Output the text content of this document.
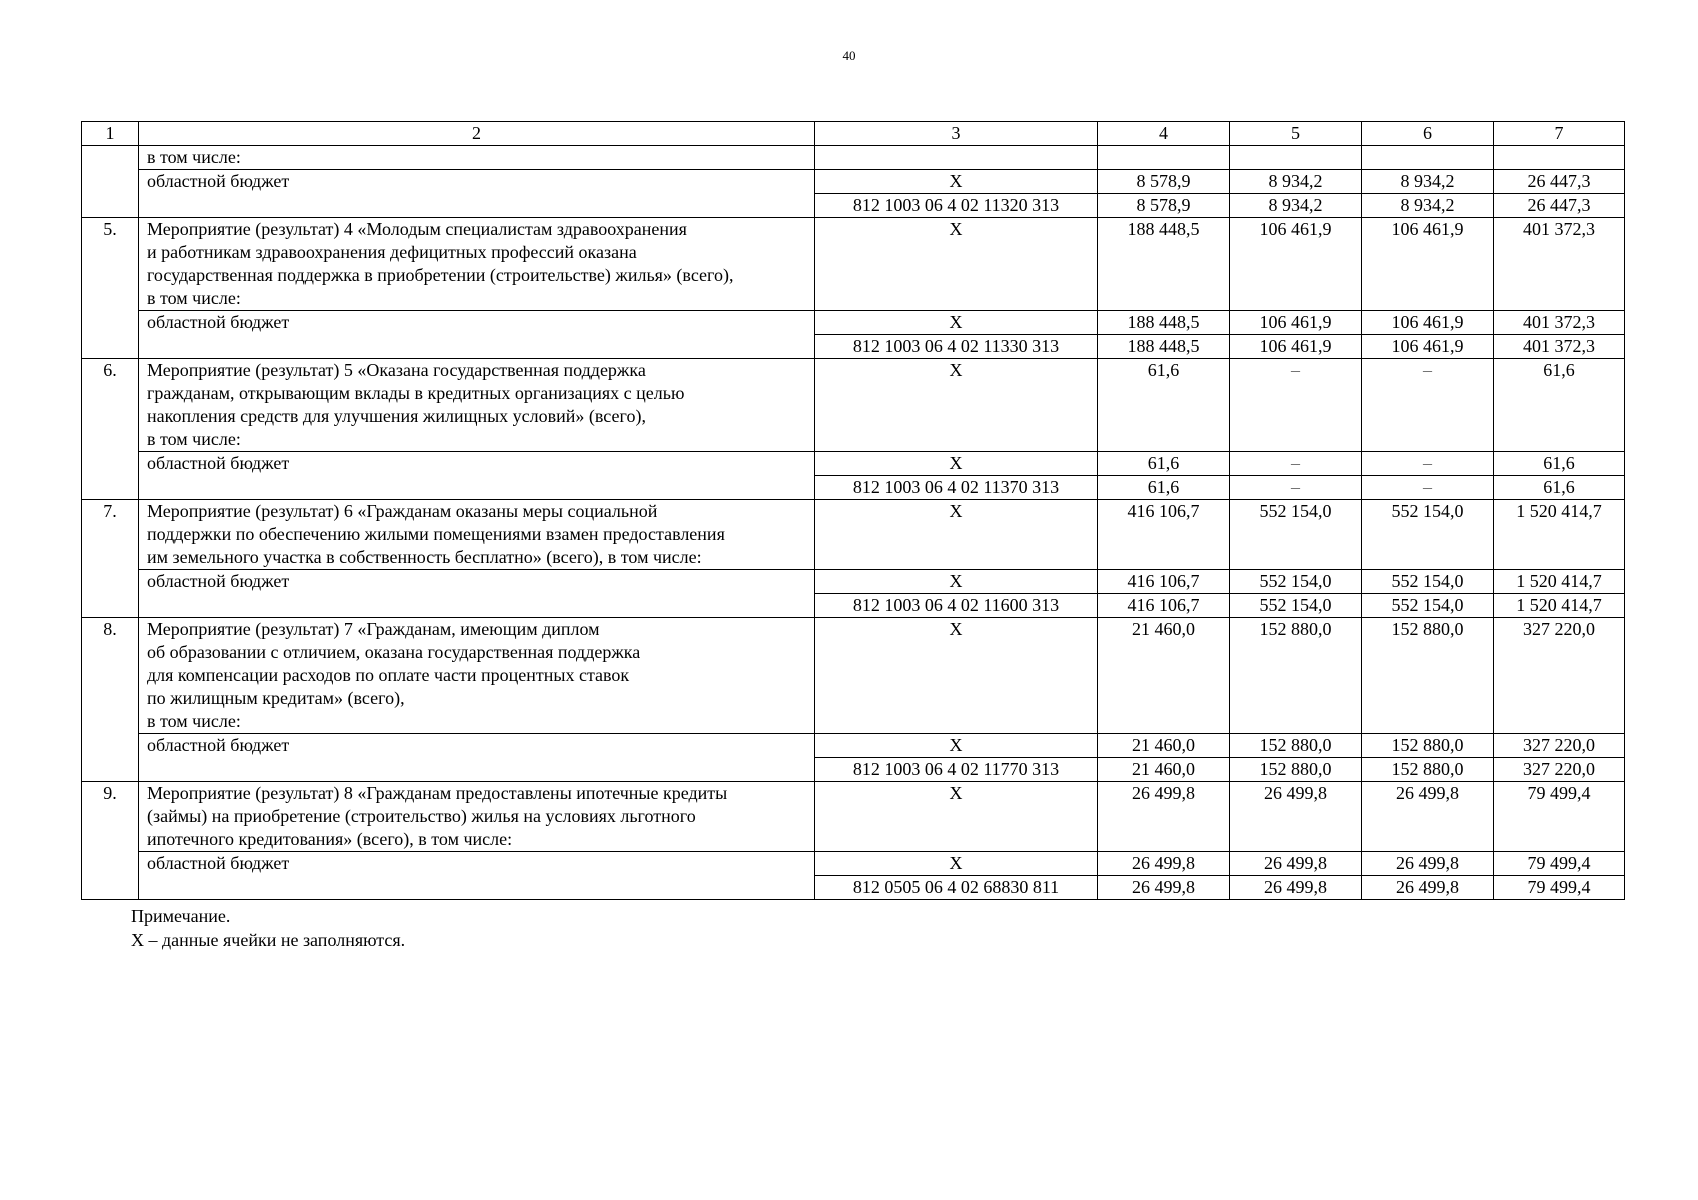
40
1	2	3	4	5	6	7

	в том числе:					

	областной бюджет	Х	8 578,9	8 934,2	8 934,2	26 447,3
		812 1003 06 4 02 11320 313	8 578,9	8 934,2	8 934,2	26 447,3
5.	Мероприятие (результат) 4 «Молодым специалистам здравоохранения
и работникам здравоохранения дефицитных профессий оказана
государственная поддержка в приобретении (строительстве) жилья» (всего),
в том числе:	Х	188 448,5	106 461,9	106 461,9	401 372,3

	областной бюджет	Х	188 448,5	106 461,9	106 461,9	401 372,3
		812 1003 06 4 02 11330 313	188 448,5	106 461,9	106 461,9	401 372,3
6.	Мероприятие (результат) 5 «Оказана государственная поддержка
гражданам, открывающим вклады в кредитных организациях с целью
накопления средств для улучшения жилищных условий» (всего),
в том числе:	Х	61,6	–	–	61,6

	областной бюджет	Х	61,6	–	–	61,6
		812 1003 06 4 02 11370 313	61,6	–	–	61,6
7.	Мероприятие (результат) 6 «Гражданам оказаны меры социальной
поддержки по обеспечению жилыми помещениями взамен предоставления
им земельного участка в собственность бесплатно» (всего), в том числе:	Х	416 106,7	552 154,0	552 154,0	1 520 414,7

	областной бюджет	Х	416 106,7	552 154,0	552 154,0	1 520 414,7
		812 1003 06 4 02 11600 313	416 106,7	552 154,0	552 154,0	1 520 414,7
8.	Мероприятие (результат) 7 «Гражданам, имеющим диплом
об образовании с отличием, оказана государственная поддержка
для компенсации расходов по оплате части процентных ставок
по жилищным кредитам» (всего),
в том числе:	Х	21 460,0	152 880,0	152 880,0	327 220,0

	областной бюджет	Х	21 460,0	152 880,0	152 880,0	327 220,0
		812 1003 06 4 02 11770 313	21 460,0	152 880,0	152 880,0	327 220,0
9.	Мероприятие (результат) 8 «Гражданам предоставлены ипотечные кредиты
(займы) на приобретение (строительство) жилья на условиях льготного
ипотечного кредитования» (всего), в том числе:	Х	26 499,8	26 499,8	26 499,8	79 499,4

	областной бюджет	Х	26 499,8	26 499,8	26 499,8	79 499,4
		812 0505 06 4 02 68830 811	26 499,8	26 499,8	26 499,8	79 499,4
Примечание.
Х – данные ячейки не заполняются.
